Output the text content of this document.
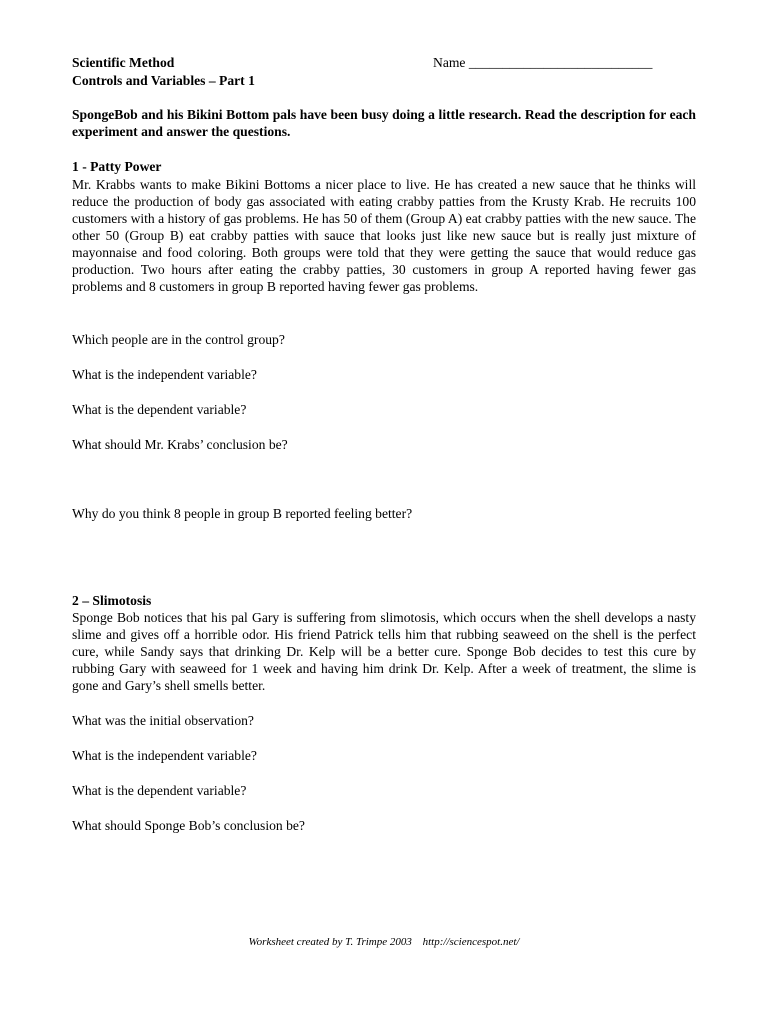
Scientific Method
Controls and Variables – Part 1
Name ___________________________
SpongeBob and his Bikini Bottom pals have been busy doing a little research. Read the description for each experiment and answer the questions.
1 - Patty Power
Mr. Krabbs wants to make Bikini Bottoms a nicer place to live. He has created a new sauce that he thinks will reduce the production of body gas associated with eating crabby patties from the Krusty Krab. He recruits 100 customers with a history of gas problems. He has 50 of them (Group A) eat crabby patties with the new sauce. The other 50 (Group B) eat crabby patties with sauce that looks just like new sauce but is really just mixture of mayonnaise and food coloring. Both groups were told that they were getting the sauce that would reduce gas production. Two hours after eating the crabby patties, 30 customers in group A reported having fewer gas problems and 8 customers in group B reported having fewer gas problems.
Which people are in the control group?
What is the independent variable?
What is the dependent variable?
What should Mr. Krabs’ conclusion be?
Why do you think 8 people in group B reported feeling better?
2 – Slimotosis
Sponge Bob notices that his pal Gary is suffering from slimotosis, which occurs when the shell develops a nasty slime and gives off a horrible odor. His friend Patrick tells him that rubbing seaweed on the shell is the perfect cure, while Sandy says that drinking Dr. Kelp will be a better cure. Sponge Bob decides to test this cure by rubbing Gary with seaweed for 1 week and having him drink Dr. Kelp. After a week of treatment, the slime is gone and Gary’s shell smells better.
What was the initial observation?
What is the independent variable?
What is the dependent variable?
What should Sponge Bob’s conclusion be?
Worksheet created by T. Trimpe 2003 http://sciencespot.net/
